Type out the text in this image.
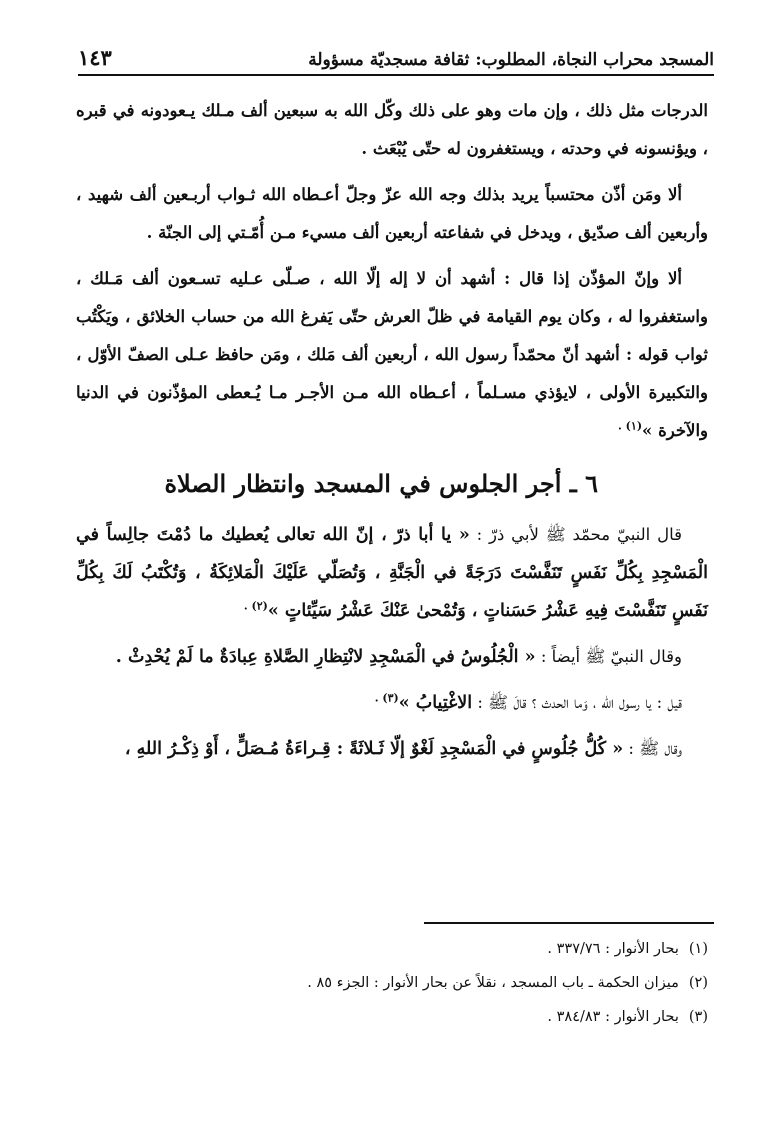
المسجد محراب النجاة، المطلوب: ثقافة مسجديّة مسؤولة
١٤٣

الدرجات مثل ذلك ، وإن مات وهو على ذلك وكّل الله به سبعين ألف مـلك يـعودونه في قبره ، ويؤنسونه في وحدته ، ويستغفرون له حتّى يُبْعَث .

ألا ومَن أذّن محتسباً يريد بذلك وجه الله عزّ وجلّ أعـطاه الله ثـواب أربـعين ألف شهيد ، وأربعين ألف صدّيق ، ويدخل في شفاعته أربعين ألف مسيء مـن أُمّـتي إلى الجنّة .

ألا وإنّ المؤذّن إذا قال : أشهد أن لا إله إلّا الله ، صـلّى عـليه تسـعون ألف مَـلك ، واستغفروا له ، وكان يوم القيامة في ظلّ العرش حتّى يَفرغ الله من حساب الخلائق ، ويَكْتُب ثواب قوله : أشهد أنّ محمّداً رسول الله ، أربعين ألف مَلك ، ومَن حافظ عـلى الصفّ الأوّل ، والتكبيرة الأولى ، لايؤذي مسـلماً ، أعـطاه الله مـن الأجـر مـا يُـعطى المؤذّنون في الدنيا والآخرة »$^{(١) .}$

٦ ـ أجر الجلوس في المسجد وانتظار الصلاة

قال النبيّ محمّد ﷺ لأبي ذرّ : « يا أبا ذرّ ، إنّ الله تعالى يُعطيك ما دُمْتَ جالِساً في الْمَسْجِدِ بِكُلِّ نَفَسٍ تَنَفَّسْتَ دَرَجَةً في الْجَنَّةِ ، وَتُصَلّي عَلَيْكَ الْمَلائِكَةُ ، وَتُكْتَبُ لَكَ بِكُلِّ نَفَسٍ تَنَفَّسْتَ فِيهِ عَشْرُ حَسَناتٍ ، وَتُمْحىٰ عَنْكَ عَشْرُ سَيِّئاتٍ »$^{(٢) .}$

وقال النبيّ ﷺ أيضاً : « الْجُلُوسُ في الْمَسْجِدِ لانْتِظارِ الصَّلاةِ عِبادَةٌ ما لَمْ يُحْدِثْ .

قيل : يا رسول الله ، وَما الحدث ؟ قالَ ﷺ : الاغْتِيابُ »$^{(٣) .}$

وقال ﷺ : « كُلُّ جُلُوسٍ في الْمَسْجِدِ لَغْوٌ إلّا ثَـلاثَةً : قِـراءَةُ مُـصَلٍّ ، أَوْ ذِكْـرُ اللهِ ،

(١)بحار الأنوار : ٣٣٧/٧٦ .

(٢)ميزان الحكمة ـ باب المسجد ، نقلاً عن بحار الأنوار : الجزء ٨٥ .

(٣)بحار الأنوار : ٣٨٤/٨٣ .
